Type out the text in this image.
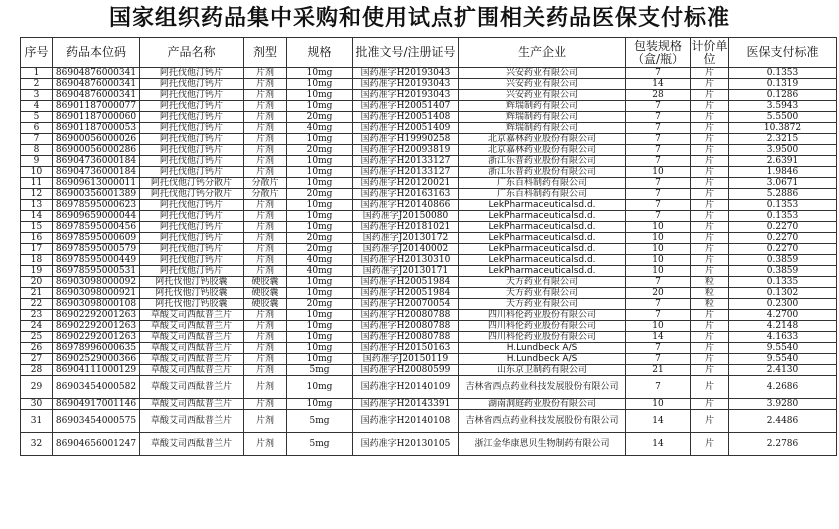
国家组织药品集中采购和使用试点扩围相关药品医保支付标准
序号	药品本位码	产品名称	剂型	规格	批准文号/注册证号	生产企业	包装规格（盒/瓶）	计价单位	医保支付标准
1	86904876000341	阿托伐他汀钙片	片剂	10mg	国药准字H20193043	兴安药业有限公司	7	片	0.1353
2	86904876000341	阿托伐他汀钙片	片剂	10mg	国药准字H20193043	兴安药业有限公司	14	片	0.1319
3	86904876000341	阿托伐他汀钙片	片剂	10mg	国药准字H20193043	兴安药业有限公司	28	片	0.1286
4	86901187000077	阿托伐他汀钙片	片剂	10mg	国药准字H20051407	辉瑞制药有限公司	7	片	3.5943
5	86901187000060	阿托伐他汀钙片	片剂	20mg	国药准字H20051408	辉瑞制药有限公司	7	片	5.5500
6	86901187000053	阿托伐他汀钙片	片剂	40mg	国药准字H20051409	辉瑞制药有限公司	7	片	10.3872
7	86900056000026	阿托伐他汀钙片	片剂	10mg	国药准字H19990258	北京嘉林药业股份有限公司	7	片	2.3215
8	86900056000286	阿托伐他汀钙片	片剂	20mg	国药准字H20093819	北京嘉林药业股份有限公司	7	片	3.9500
9	86904736000184	阿托伐他汀钙片	片剂	10mg	国药准字H20133127	浙江乐普药业股份有限公司	7	片	2.6391
10	86904736000184	阿托伐他汀钙片	片剂	10mg	国药准字H20133127	浙江乐普药业股份有限公司	10	片	1.9846
11	86909613000011	阿托伐他汀钙分散片	分散片	10mg	国药准字H20120021	广东百科制药有限公司	7	片	3.0671
12	86900356001389	阿托伐他汀钙分散片	分散片	20mg	国药准字H20163163	广东百科制药有限公司	7	片	5.2886
13	86978595000623	阿托伐他汀钙片	片剂	10mg	国药准字H20140866	LekPharmaceuticalsd.d.	7	片	0.1353
14	86909659000044	阿托伐他汀钙片	片剂	10mg	国药准字J20150080	LekPharmaceuticalsd.d.	7	片	0.1353
15	86978595000456	阿托伐他汀钙片	片剂	10mg	国药准字H20181021	LekPharmaceuticalsd.d.	10	片	0.2270
16	86978595000609	阿托伐他汀钙片	片剂	20mg	国药准字J20130172	LekPharmaceuticalsd.d.	10	片	0.2270
17	86978595000579	阿托伐他汀钙片	片剂	20mg	国药准字J20140002	LekPharmaceuticalsd.d.	10	片	0.2270
18	86978595000449	阿托伐他汀钙片	片剂	40mg	国药准字H20130310	LekPharmaceuticalsd.d.	10	片	0.3859
19	86978595000531	阿托伐他汀钙片	片剂	40mg	国药准字J20130171	LekPharmaceuticalsd.d.	10	片	0.3859
20	86903098000092	阿托伐他汀钙胶囊	硬胶囊	10mg	国药准字H20051984	天方药业有限公司	7	粒	0.1335
21	86903098000921	阿托伐他汀钙胶囊	硬胶囊	10mg	国药准字H20051984	天方药业有限公司	20	粒	0.1302
22	86903098000108	阿托伐他汀钙胶囊	硬胶囊	20mg	国药准字H20070054	天方药业有限公司	7	粒	0.2300
23	86902292001263	草酸艾司西酞普兰片	片剂	10mg	国药准字H20080788	四川科伦药业股份有限公司	7	片	4.2700
24	86902292001263	草酸艾司西酞普兰片	片剂	10mg	国药准字H20080788	四川科伦药业股份有限公司	10	片	4.2148
25	86902292001263	草酸艾司西酞普兰片	片剂	10mg	国药准字H20080788	四川科伦药业股份有限公司	14	片	4.1633
26	86978996000635	草酸艾司西酞普兰片	片剂	10mg	国药准字H20150163	H.Lundbeck A/S	7	片	9.5540
27	86902529000366	草酸艾司西酞普兰片	片剂	10mg	国药准字J20150119	H.Lundbeck A/S	7	片	9.5540
28	86904111000129	草酸艾司西酞普兰片	片剂	5mg	国药准字H20080599	山东京卫制药有限公司	21	片	2.4130
29	86903454000582	草酸艾司西酞普兰片	片剂	10mg	国药准字H20140109	吉林省西点药业科技发展股份有限公司	7	片	4.2686
30	86904917001146	草酸艾司西酞普兰片	片剂	10mg	国药准字H20143391	湖南洞庭药业股份有限公司	10	片	3.9280
31	86903454000575	草酸艾司西酞普兰片	片剂	5mg	国药准字H20140108	吉林省西点药业科技发展股份有限公司	14	片	2.4486
32	86904656001247	草酸艾司西酞普兰片	片剂	5mg	国药准字H20130105	浙江金华康恩贝生物制药有限公司	14	片	2.2786
